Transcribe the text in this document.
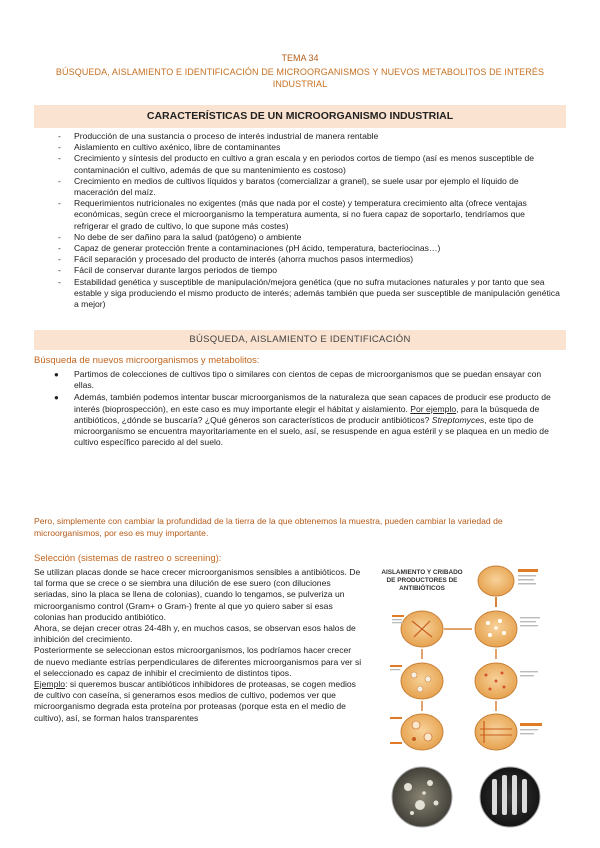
TEMA 34
BÚSQUEDA, AISLAMIENTO E IDENTIFICACIÓN DE MICROORGANISMOS Y NUEVOS METABOLITOS DE INTERÉS INDUSTRIAL
CARACTERÍSTICAS DE UN MICROORGANISMO INDUSTRIAL
- Producción de una sustancia o proceso de interés industrial de manera rentable
- Aislamiento en cultivo axénico, libre de contaminantes
- Crecimiento y síntesis del producto en cultivo a gran escala y en periodos cortos de tiempo (así es menos susceptible de contaminación el cultivo, además de que su mantenimiento es costoso)
- Crecimiento en medios de cultivos líquidos y baratos (comercializar a granel), se suele usar por ejemplo el líquido de maceración del maíz.
- Requerimientos nutricionales no exigentes (más que nada por el coste) y temperatura crecimiento alta (ofrece ventajas económicas, según crece el microorganismo la temperatura aumenta, si no fuera capaz de soportarlo, tendríamos que refrigerar el grado de cultivo, lo que supone más costes)
- No debe de ser dañino para la salud (patógeno) o ambiente
- Capaz de generar protección frente a contaminaciones (pH ácido, temperatura, bacteriocinas…)
- Fácil separación y procesado del producto de interés (ahorra muchos pasos intermedios)
- Fácil de conservar durante largos periodos de tiempo
- Estabilidad genética y susceptible de manipulación/mejora genética (que no sufra mutaciones naturales y por tanto que sea estable y siga produciendo el mismo producto de interés; además también que pueda ser susceptible de manipulación genética a mejor)
BÚSQUEDA, AISLAMIENTO E IDENTIFICACIÓN
Búsqueda de nuevos microorganismos y metabolitos:
● Partimos de colecciones de cultivos tipo o similares con cientos de cepas de microorganismos que se puedan ensayar con ellas.
● Además, también podemos intentar buscar microorganismos de la naturaleza que sean capaces de producir ese producto de interés (bioprospección), en este caso es muy importante elegir el hábitat y aislamiento. Por ejemplo, para la búsqueda de antibióticos, ¿dónde se buscaría? ¿Qué géneros son característicos de producir antibióticos? Streptomyces, este tipo de microorganismo se encuentra mayoritariamente en el suelo, así, se resuspende en agua estéril y se plaquea en un medio de cultivo específico parecido al del suelo.
Pero, simplemente con cambiar la profundidad de la tierra de la que obtenemos la muestra, pueden cambiar la variedad de microorganismos, por eso es muy importante.
Selección (sistemas de rastreo o screening):

Se utilizan placas donde se hace crecer microorganismos sensibles a antibióticos. De tal forma que se crece o se siembra una dilución de ese suero (con diluciones seriadas, sino la placa se llena de colonias), cuando lo tengamos, se pulveriza un microorganismo control (Gram+ o Gram-) frente al que yo quiero saber si esas colonias han producido antibiótico.

Ahora, se dejan crecer otras 24-48h y, en muchos casos, se observan esos halos de inhibición del crecimiento.

Posteriormente se seleccionan estos microorganismos, los podríamos hacer crecer de nuevo mediante estrías perpendiculares de diferentes microorganismos para ver si el seleccionado es capaz de inhibir el crecimiento de distintos tipos.

Ejemplo: si queremos buscar antibióticos inhibidores de proteasas, se cogen medios de cultivo con caseína, si generamos esos medios de cultivo, podemos ver que microorganismo degrada esta proteína por proteasas (porque esta en el medio de cultivo), así, se forman halos transparentes

AISLAMIENTO Y CRIBADO
DE PRODUCTORES DE
ANTIBIÓTICOS
